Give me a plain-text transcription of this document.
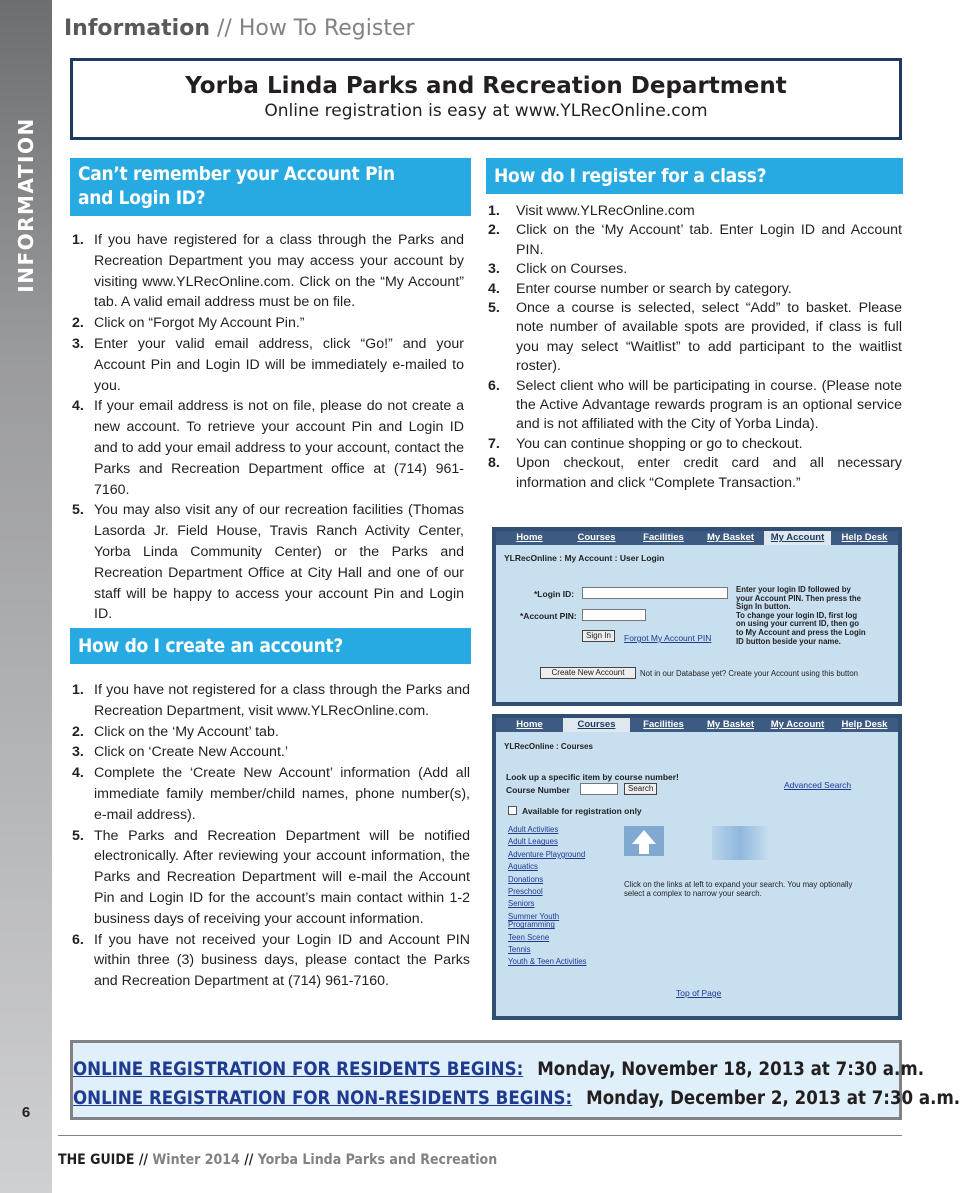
INFORMATION
6
Information // How To Register
Yorba Linda Parks and Recreation Department
Online registration is easy at www.YLRecOnline.com
Can’t remember your Account Pin
and Login ID?
1. If you have registered for a class through the Parks and Recreation Department you may access your account by visiting www.YLRecOnline.com. Click on the “My Account” tab. A valid email address must be on file.
2. Click on “Forgot My Account Pin.”
3. Enter your valid email address, click “Go!” and your Account Pin and Login ID will be immediately e-mailed to you.
4. If your email address is not on file, please do not create a new account. To retrieve your account Pin and Login ID and to add your email address to your account, contact the Parks and Recreation Department office at (714) 961-7160.
5. You may also visit any of our recreation facilities (Thomas Lasorda Jr. Field House, Travis Ranch Activity Center, Yorba Linda Community Center) or the Parks and Recreation Department Office at City Hall and one of our staff will be happy to access your account Pin and Login ID.
How do I create an account?
1. If you have not registered for a class through the Parks and Recreation Department, visit www.YLRecOnline.com.
2. Click on the ‘My Account’ tab.
3. Click on ‘Create New Account.’
4. Complete the ‘Create New Account’ information (Add all immediate family member/child names, phone number(s), e-mail address).
5. The Parks and Recreation Department will be notified electronically. After reviewing your account information, the Parks and Recreation Department will e-mail the Account Pin and Login ID for the account’s main contact within 1-2 business days of receiving your account information.
6. If you have not received your Login ID and Account PIN within three (3) business days, please contact the Parks and Recreation Department at (714) 961-7160.
How do I register for a class?
1. Visit www.YLRecOnline.com
2. Click on the ‘My Account’ tab. Enter Login ID and Account PIN.
3. Click on Courses.
4. Enter course number or search by category.
5. Once a course is selected, select “Add” to basket. Please note number of available spots are provided, if class is full you may select “Waitlist” to add participant to the waitlist roster).
6. Select client who will be participating in course. (Please note the Active Advantage rewards program is an optional service and is not affiliated with the City of Yorba Linda).
7. You can continue shopping or go to checkout.
8. Upon checkout, enter credit card and all necessary information and click “Complete Transaction.”
Home	Courses	Facilities	My Basket	My Account	Help Desk
YLRecOnline : My Account : User Login
*Login ID:
*Account PIN:
Sign In	Forgot My Account PIN
Enter your login ID followed by
your Account PIN. Then press the
Sign In button.
To change your login ID, first log
on using your current ID, then go
to My Account and press the Login
ID button beside your name.
Create New Account	Not in our Database yet? Create your Account using this button
Home	Courses	Facilities	My Basket	My Account	Help Desk
YLRecOnline : Courses
Look up a specific item by course number!
Course Number	Search	Advanced Search
Available for registration only
Adult Activities
Adult Leagues
Adventure Playground
Aquatics
Donations
Preschool
Seniors
Summer Youth
Programming
Teen Scene
Tennis
Youth & Teen Activities
Click on the links at left to expand your search. You may optionally
select a complex to narrow your search.
Top of Page
ONLINE REGISTRATION FOR RESIDENTS BEGINS: Monday, November 18, 2013 at 7:30 a.m.
ONLINE REGISTRATION FOR NON-RESIDENTS BEGINS: Monday, December 2, 2013 at 7:30 a.m.
THE GUIDE // Winter 2014 // Yorba Linda Parks and Recreation
